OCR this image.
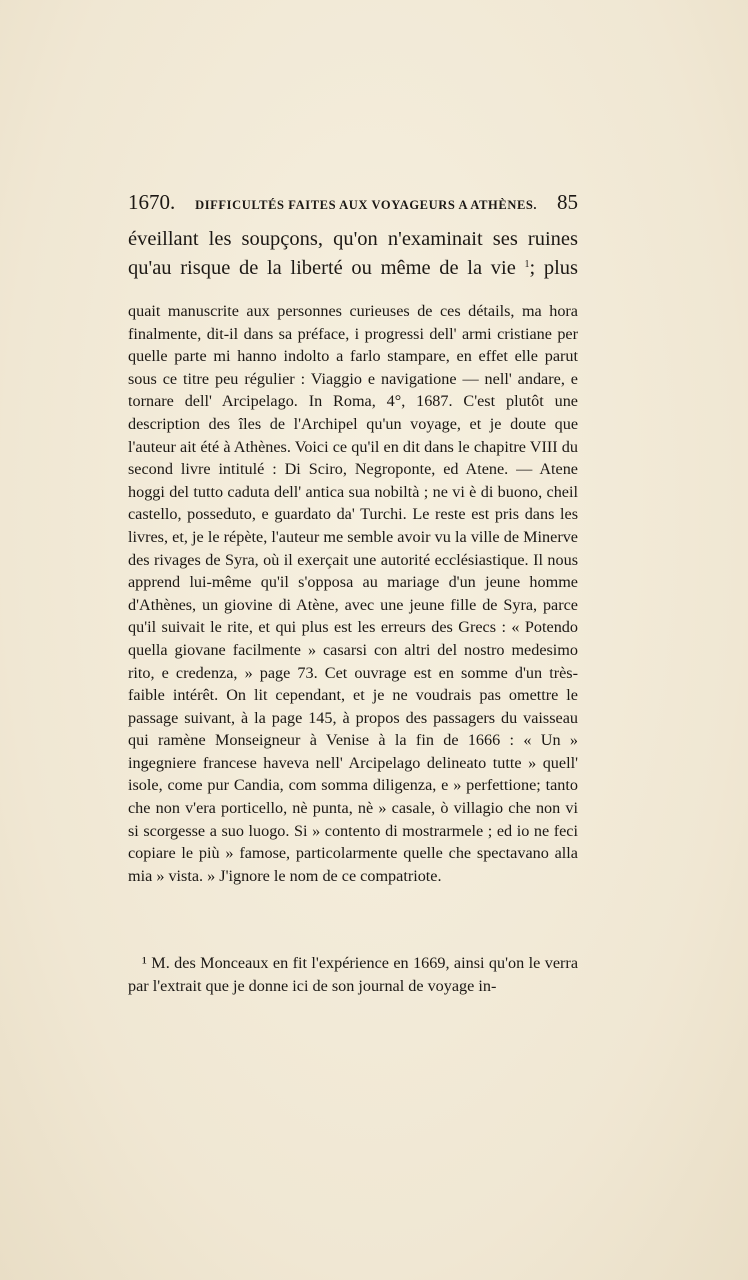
1670. DIFFICULTÉS FAITES AUX VOYAGEURS A ATHÈNES. 85
éveillant les soupçons, qu'on n'examinait ses ruines
qu'au risque de la liberté ou même de la vie $^1$; plus

quait manuscrite aux personnes curieuses de ces détails, ma hora finalmente, dit-il dans sa préface, i progressi dell' armi cristiane per quelle parte mi hanno indolto a farlo stampare, en effet elle parut sous ce titre peu régulier : Viaggio e navigatione — nell' andare, e tornare dell' Arcipelago. In Roma, 4°, 1687. C'est plutôt une description des îles de l'Archipel qu'un voyage, et je doute que l'auteur ait été à Athènes. Voici ce qu'il en dit dans le chapitre VIII du second livre intitulé : Di Sciro, Negroponte, ed Atene. — Atene hoggi del tutto caduta dell' antica sua nobiltà ; ne vi è di buono, cheil castello, posseduto, e guardato da' Turchi. Le reste est pris dans les livres, et, je le répète, l'auteur me semble avoir vu la ville de Minerve des rivages de Syra, où il exerçait une autorité ecclésiastique. Il nous apprend lui-même qu'il s'opposa au mariage d'un jeune homme d'Athènes, un giovine di Atène, avec une jeune fille de Syra, parce qu'il suivait le rite, et qui plus est les erreurs des Grecs : « Potendo quella giovane facilmente » casarsi con altri del nostro medesimo rito, e credenza, » page 73. Cet ouvrage est en somme d'un très-faible intérêt. On lit cependant, et je ne voudrais pas omettre le passage suivant, à la page 145, à propos des passagers du vaisseau qui ramène Monseigneur à Venise à la fin de 1666 : « Un » ingegniere francese haveva nell' Arcipelago delineato tutte » quell' isole, come pur Candia, com somma diligenza, e » perfettione; tanto che non v'era porticello, nè punta, nè » casale, ò villagio che non vi si scorgesse a suo luogo. Si » contento di mostrarmele ; ed io ne feci copiare le più » famose, particolarmente quelle che spectavano alla mia » vista. » J'ignore le nom de ce compatriote.

¹ M. des Monceaux en fit l'expérience en 1669, ainsi qu'on le verra par l'extrait que je donne ici de son journal de voyage in-
